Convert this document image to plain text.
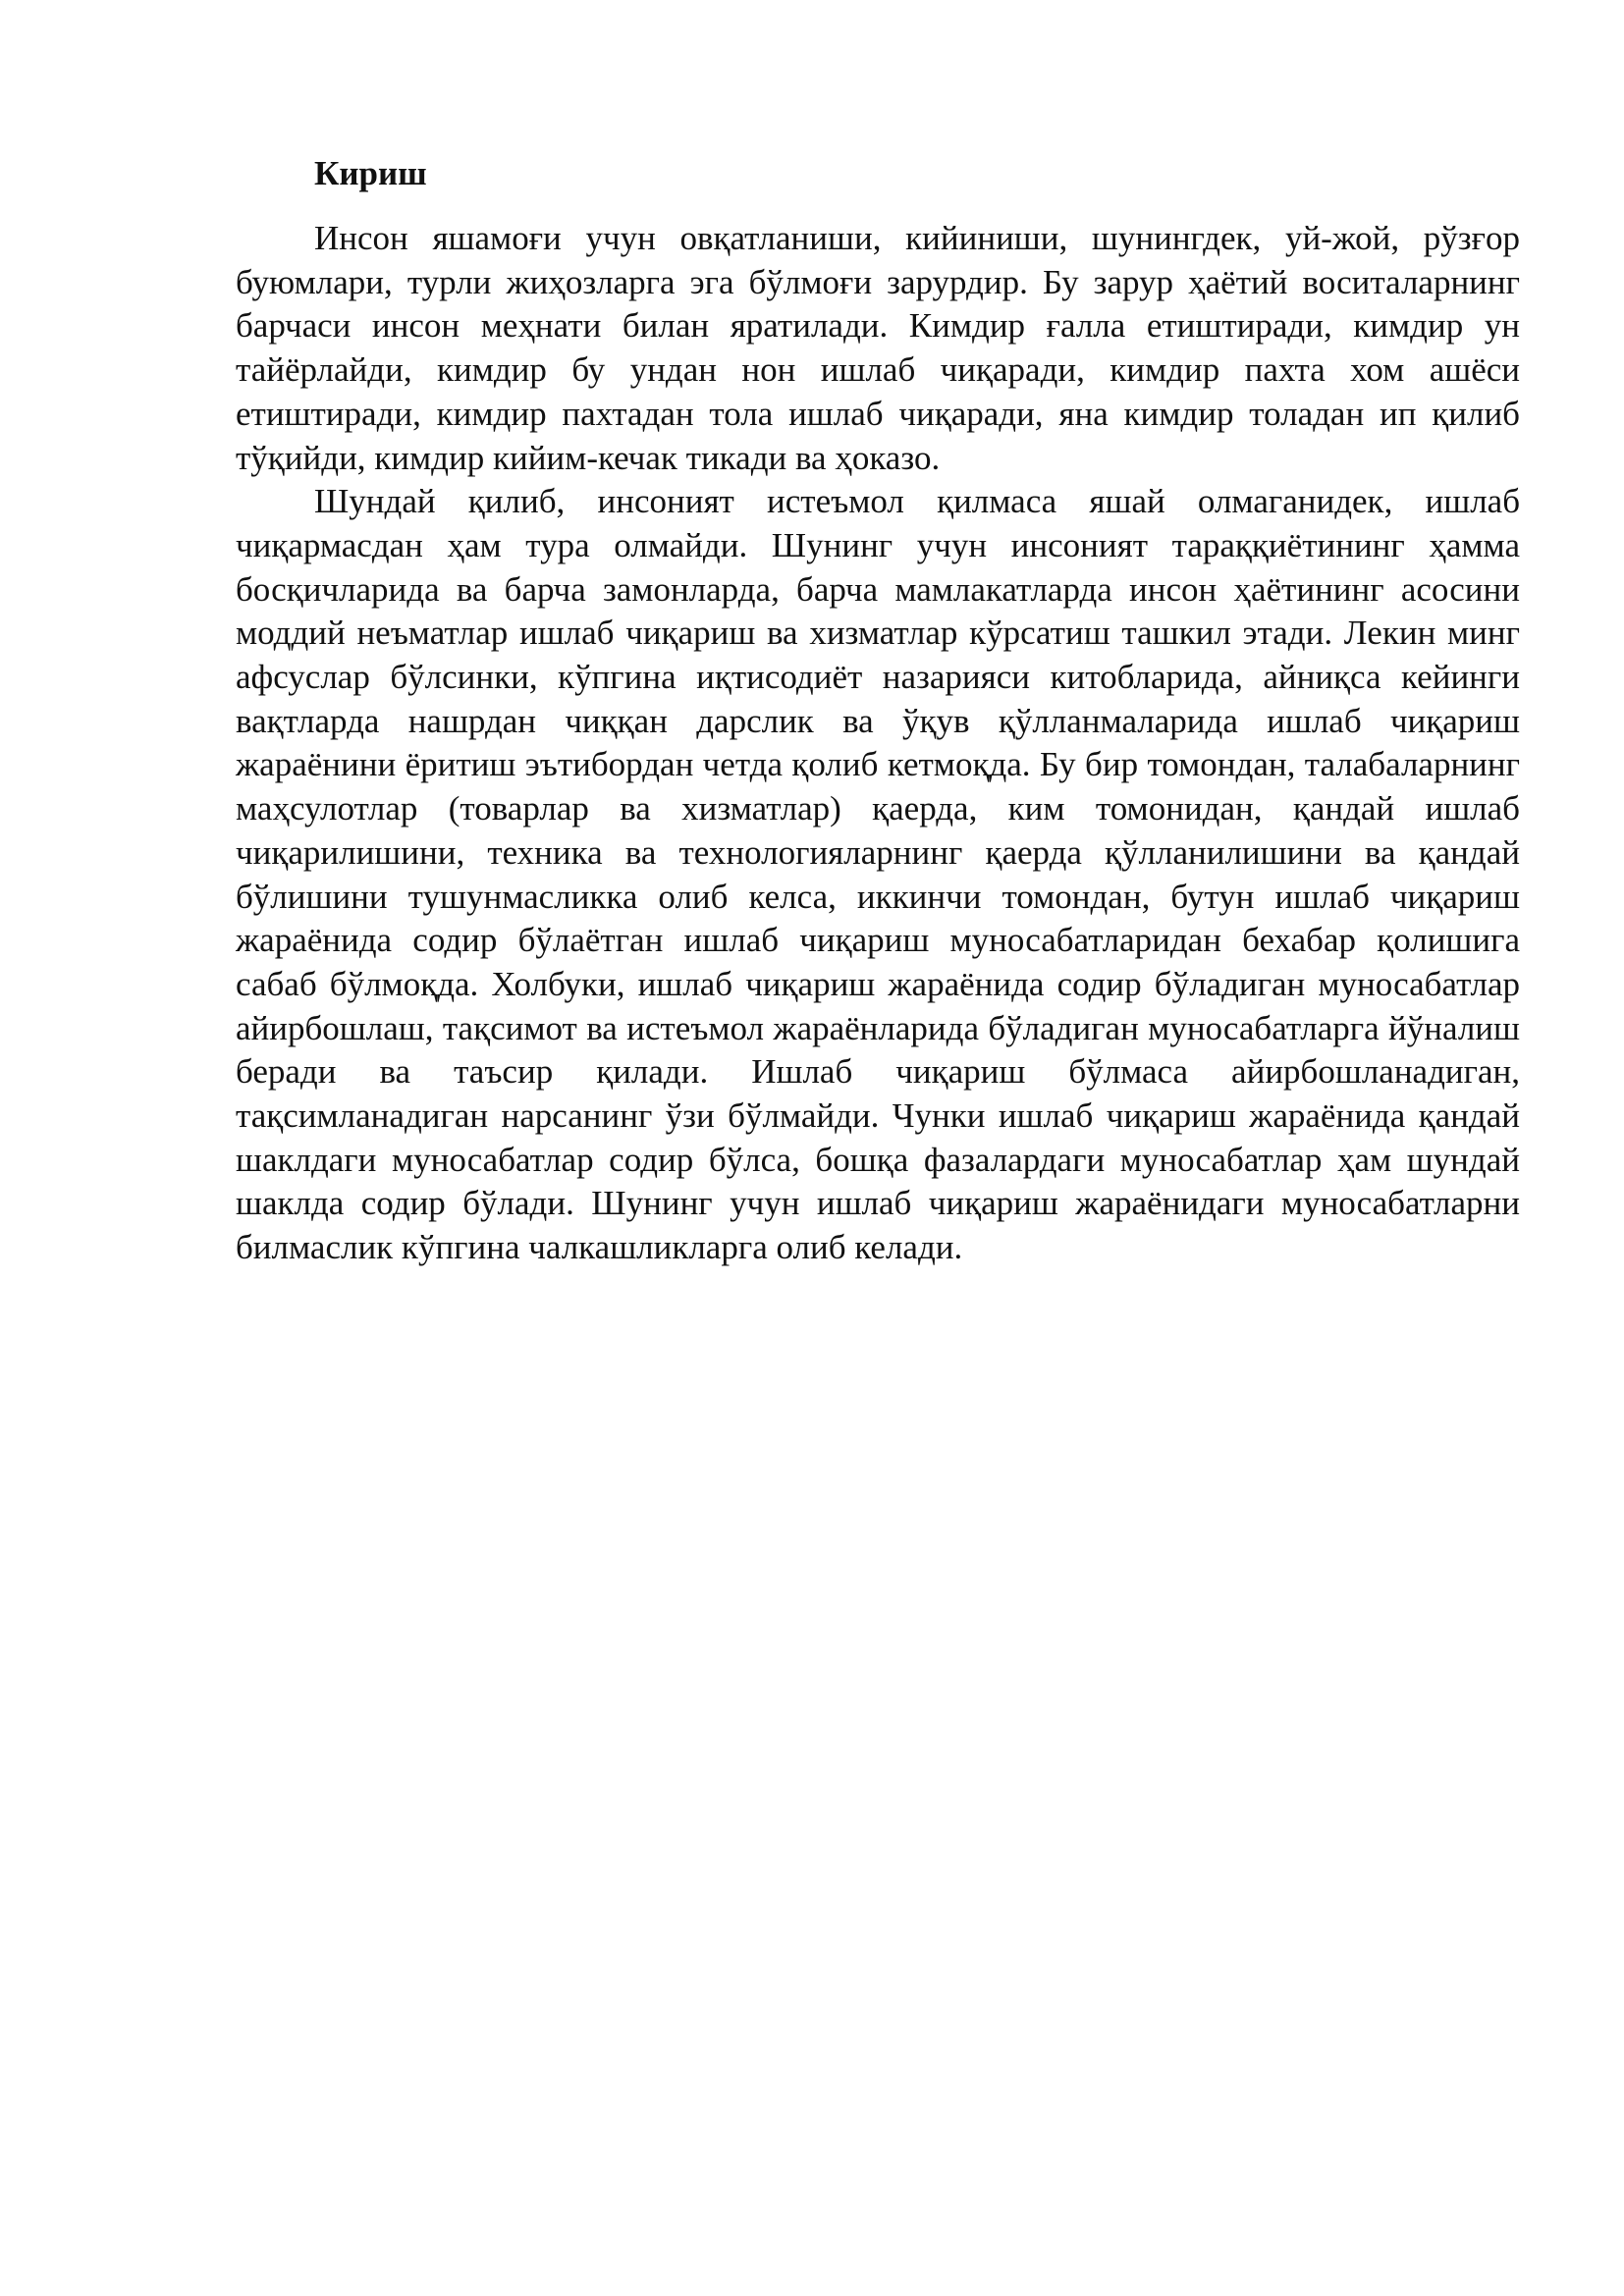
Кириш

Инсон яшамоғи учун овқатланиши, кийиниши, шунингдек, уй-жой, рўзғор буюмлари, турли жиҳозларга эга бўлмоғи зарурдир. Бу зарур ҳаётий воситаларнинг барчаси инсон меҳнати билан яратилади. Кимдир ғалла етиштиради, кимдир ун тайёрлайди, кимдир бу ундан нон ишлаб чиқаради, кимдир пахта хом ашёси етиштиради, кимдир пахтадан тола ишлаб чиқаради, яна кимдир толадан ип қилиб тўқийди, кимдир кийим-кечак тикади ва ҳоказо.

Шундай қилиб, инсоният истеъмол қилмаса яшай олмаганидек, ишлаб чиқармасдан ҳам тура олмайди. Шунинг учун инсоният тараққиётининг ҳамма босқичларида ва барча замонларда, барча мамлакатларда инсон ҳаётининг асосини моддий неъматлар ишлаб чиқариш ва хизматлар кўрсатиш ташкил этади. Лекин минг афсуслар бўлсинки, кўпгина иқтисодиёт назарияси китобларида, айниқса кейинги вақтларда нашрдан чиққан дарслик ва ўқув қўлланмаларида ишлаб чиқариш жараёнини ёритиш эътибордан четда қолиб кетмоқда. Бу бир томондан, талабаларнинг маҳсулотлар (товарлар ва хизматлар) қаерда, ким томонидан, қандай ишлаб чиқарилишини, техника ва технологияларнинг қаерда қўлланилишини ва қандай бўлишини тушунмасликка олиб келса, иккинчи томондан, бутун ишлаб чиқариш жараёнида содир бўлаётган ишлаб чиқариш муносабатларидан бехабар қолишига сабаб бўлмоқда. Холбуки, ишлаб чиқариш жараёнида содир бўладиган муносабатлар айирбошлаш, тақсимот ва истеъмол жараёнларида бўладиган муносабатларга йўналиш беради ва таъсир қилади. Ишлаб чиқариш бўлмаса айирбошланадиган, тақсимланадиган нарсанинг ўзи бўлмайди. Чунки ишлаб чиқариш жараёнида қандай шаклдаги муносабатлар содир бўлса, бошқа фазалардаги муносабатлар ҳам шундай шаклда содир бўлади. Шунинг учун ишлаб чиқариш жараёнидаги муносабатларни билмаслик кўпгина чалкашликларга олиб келади.
